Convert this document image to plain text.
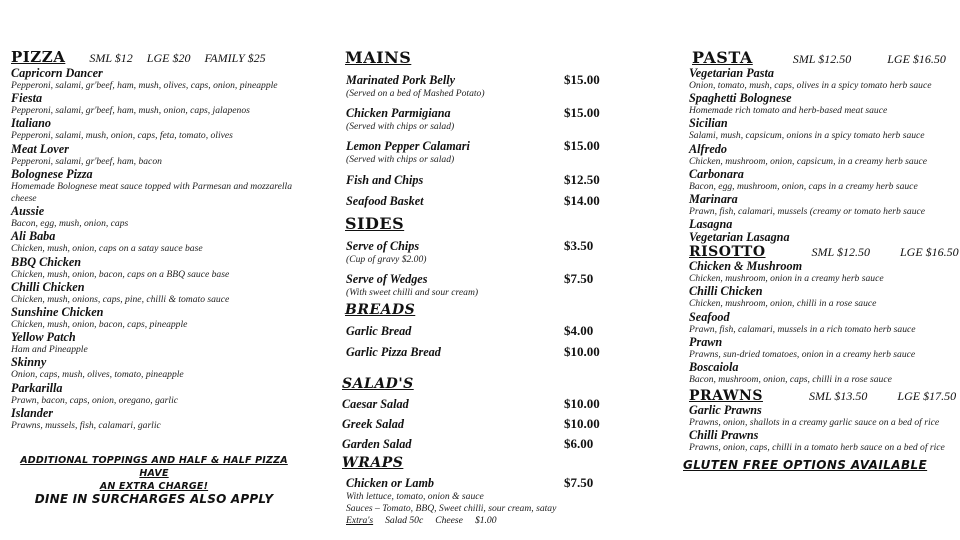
PIZZA SML $12 LGE $20 FAMILY $25
Capricorn Dancer
Pepperoni, salami, gr'beef, ham, mush, olives, caps, onion, pineapple
Fiesta
Pepperoni, salami, gr'beef, ham, mush, onion, caps, jalapenos
Italiano
Pepperoni, salami, mush, onion, caps, feta, tomato, olives
Meat Lover
Pepperoni, salami, gr'beef, ham, bacon
Bolognese Pizza
Homemade Bolognese meat sauce topped with Parmesan and mozzarella cheese
Aussie
Bacon, egg, mush, onion, caps
Ali Baba
Chicken, mush, onion, caps on a satay sauce base
BBQ Chicken
Chicken, mush, onion, bacon, caps on a BBQ sauce base
Chilli Chicken
Chicken, mush, onions, caps, pine, chilli & tomato sauce
Sunshine Chicken
Chicken, mush, onion, bacon, caps, pineapple
Yellow Patch
Ham and Pineapple
Skinny
Onion, caps, mush, olives, tomato, pineapple
Parkarilla
Prawn, bacon, caps, onion, oregano, garlic
Islander
Prawns, mussels, fish, calamari, garlic
ADDITIONAL TOPPINGS AND HALF & HALF PIZZA HAVE
AN EXTRA CHARGE!
DINE IN SURCHARGES ALSO APPLY
MAINS
Marinated Pork Belly	$15.00
(Served on a bed of Mashed Potato)
Chicken Parmigiana	$15.00
(Served with chips or salad)
Lemon Pepper Calamari	$15.00
(Served with chips or salad)
Fish and Chips	$12.50
Seafood Basket	$14.00
SIDES
Serve of Chips	$3.50
(Cup of gravy $2.00)
Serve of Wedges	$7.50
(With sweet chilli and sour cream)
BREADS
Garlic Bread	$4.00
Garlic Pizza Bread	$10.00
SALAD'S
Caesar Salad	$10.00
Greek Salad	$10.00
Garden Salad	$6.00
WRAPS
Chicken or Lamb	$7.50
With lettuce, tomato, onion & sauce
Sauces – Tomato, BBQ, Sweet chilli, sour cream, satay
Extra's Salad 50c Cheese $1.00
PASTA	SML $12.50	LGE $16.50
Vegetarian Pasta
Onion, tomato, mush, caps, olives in a spicy tomato herb sauce
Spaghetti Bolognese
Homemade rich tomato and herb-based meat sauce
Sicilian
Salami, mush, capsicum, onions in a spicy tomato herb sauce
Alfredo
Chicken, mushroom, onion, capsicum, in a creamy herb sauce
Carbonara
Bacon, egg, mushroom, onion, caps in a creamy herb sauce
Marinara
Prawn, fish, calamari, mussels (creamy or tomato herb sauce
Lasagna
Vegetarian Lasagna
RISOTTO	SML $12.50	LGE $16.50
Chicken & Mushroom
Chicken, mushroom, onion in a creamy herb sauce
Chilli Chicken
Chicken, mushroom, onion, chilli in a rose sauce
Seafood
Prawn, fish, calamari, mussels in a rich tomato herb sauce
Prawn
Prawns, sun-dried tomatoes, onion in a creamy herb sauce
Boscaiola
Bacon, mushroom, onion, caps, chilli in a rose sauce
PRAWNS	SML $13.50	LGE $17.50
Garlic Prawns
Prawns, onion, shallots in a creamy garlic sauce on a bed of rice
Chilli Prawns
Prawns, onion, caps, chilli in a tomato herb sauce on a bed of rice
GLUTEN FREE OPTIONS AVAILABLE
